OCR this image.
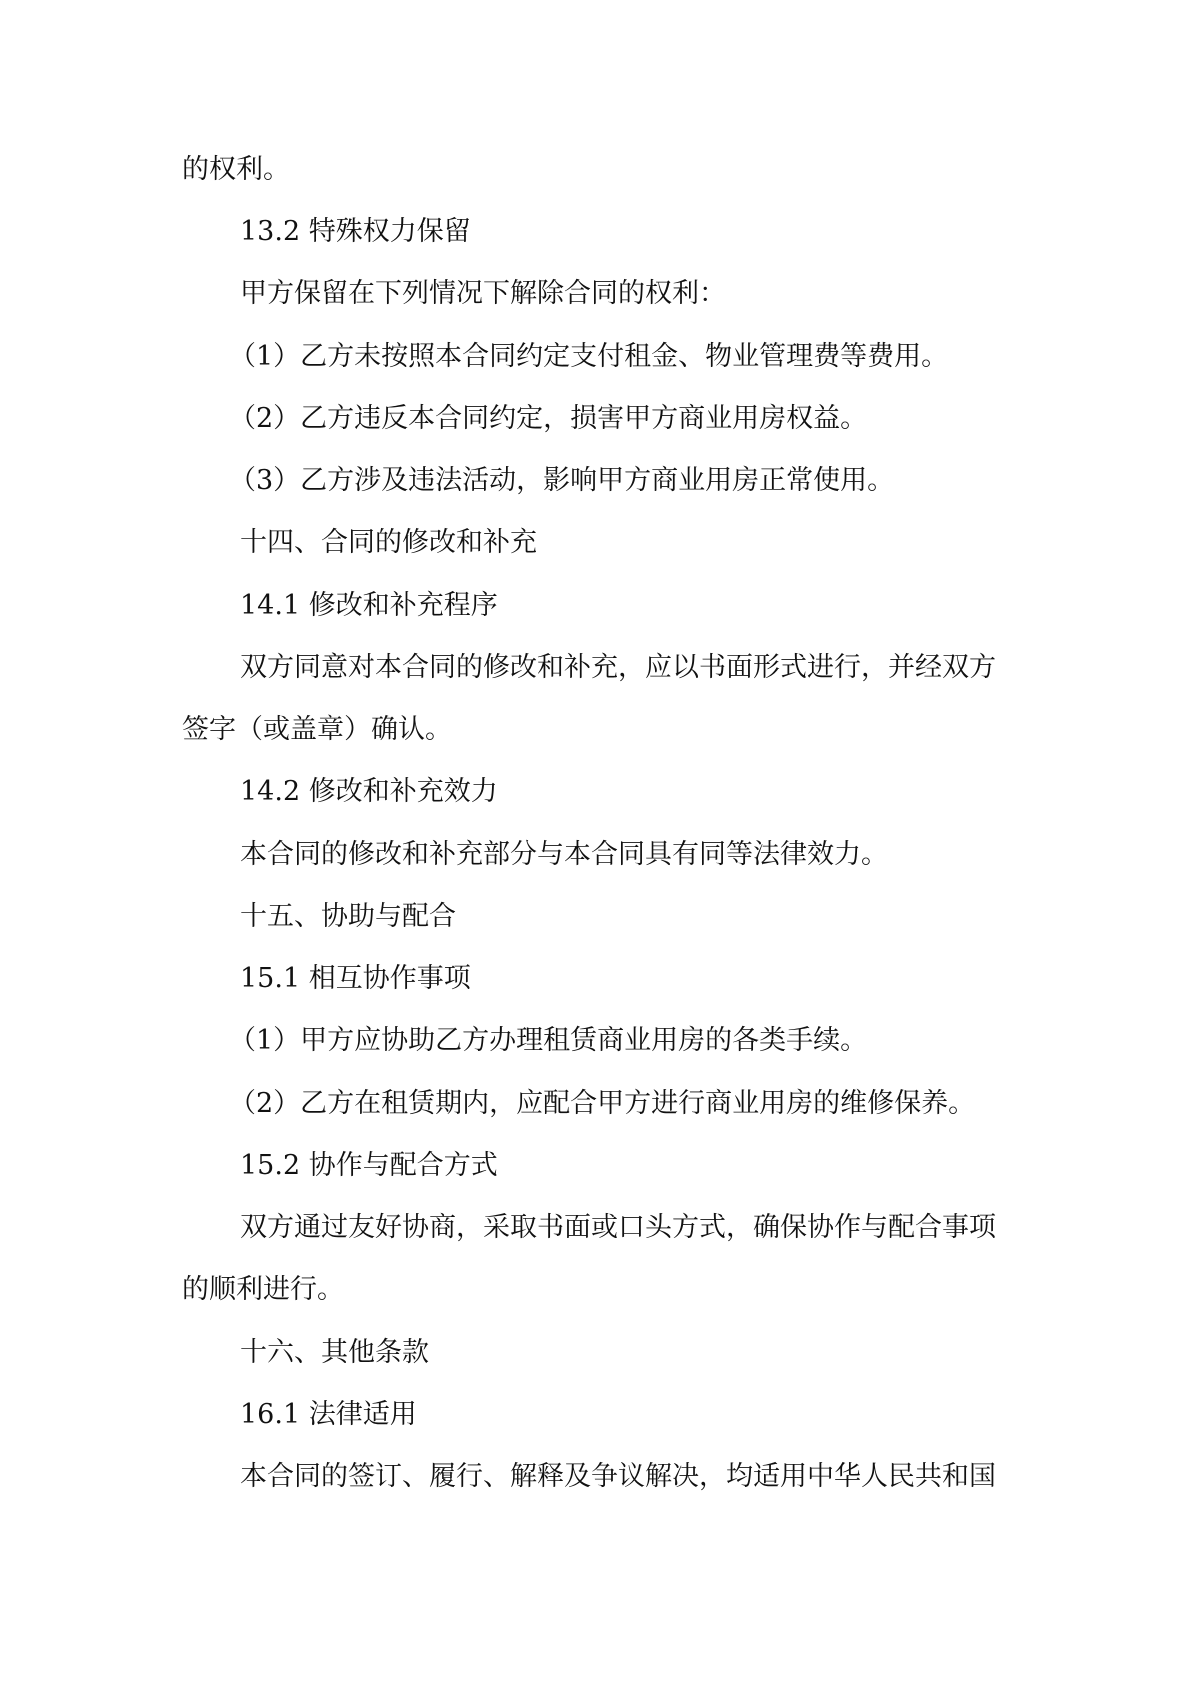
的权利。

13.2 特殊权力保留

甲方保留在下列情况下解除合同的权利：

（1）乙方未按照本合同约定支付租金、物业管理费等费用。

（2）乙方违反本合同约定，损害甲方商业用房权益。

（3）乙方涉及违法活动，影响甲方商业用房正常使用。

十四、合同的修改和补充

14.1 修改和补充程序

双方同意对本合同的修改和补充，应以书面形式进行，并经双方

签字（或盖章）确认。

14.2 修改和补充效力

本合同的修改和补充部分与本合同具有同等法律效力。

十五、协助与配合

15.1 相互协作事项

（1）甲方应协助乙方办理租赁商业用房的各类手续。

（2）乙方在租赁期内，应配合甲方进行商业用房的维修保养。

15.2 协作与配合方式

双方通过友好协商，采取书面或口头方式，确保协作与配合事项

的顺利进行。

十六、其他条款

16.1 法律适用

本合同的签订、履行、解释及争议解决，均适用中华人民共和国
